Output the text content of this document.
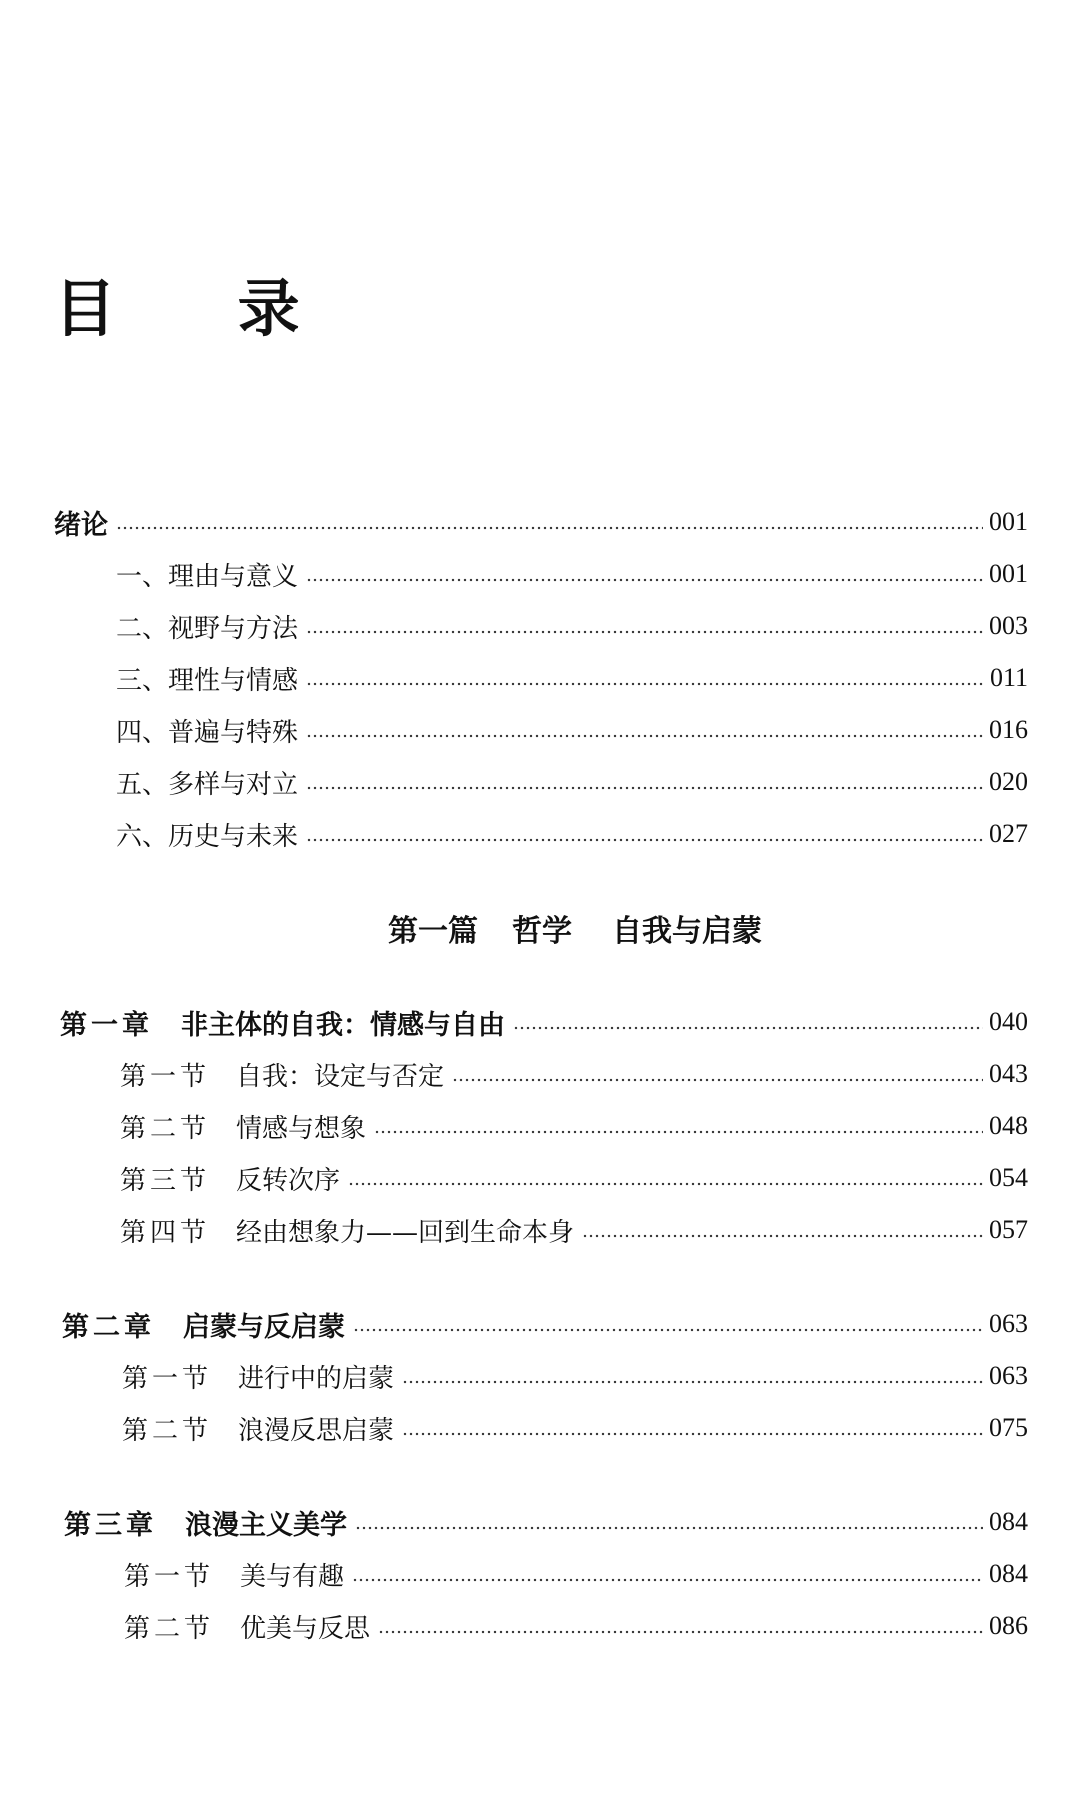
目 录
绪论	001
一、理由与意义	001
二、视野与方法	003
三、理性与情感	011
四、普遍与特殊	016
五、多样与对立	020
六、历史与未来	027
第一篇 哲学 自我与启蒙
第一章 非主体的自我：情感与自由	040
第一节 自我：设定与否定	043
第二节 情感与想象	048
第三节 反转次序	054
第四节 经由想象力——回到生命本身	057
第二章 启蒙与反启蒙	063
第一节 进行中的启蒙	063
第二节 浪漫反思启蒙	075
第三章 浪漫主义美学	084
第一节 美与有趣	084
第二节 优美与反思	086
